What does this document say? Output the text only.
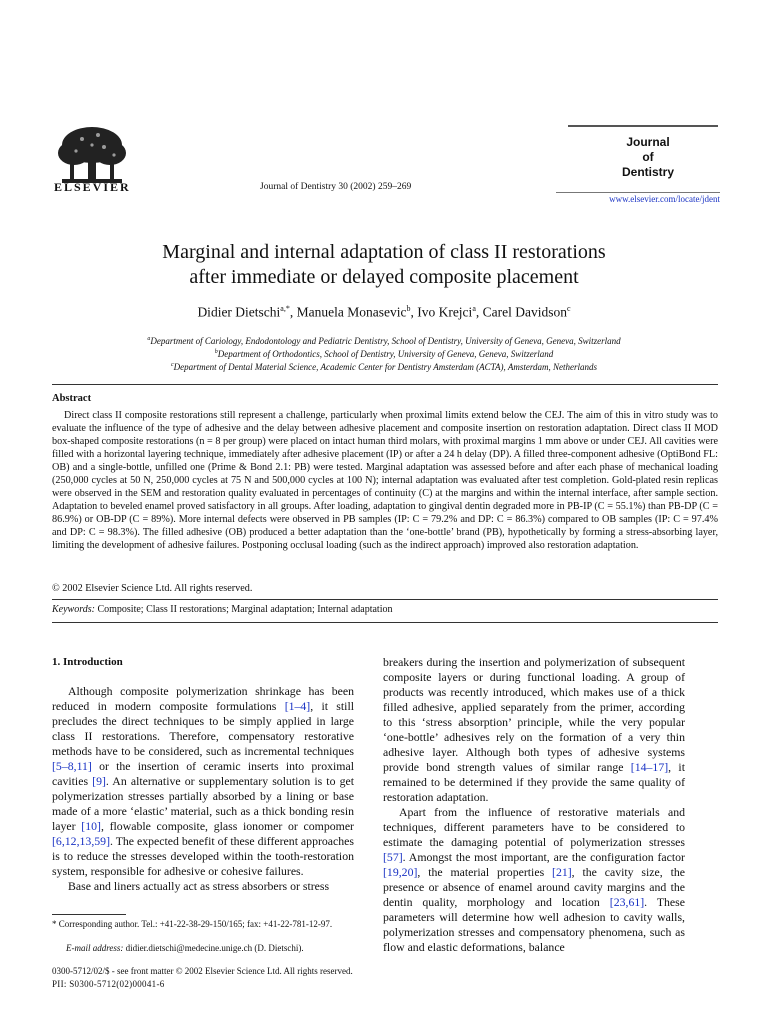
ELSEVIER	Journal of Dentistry 30 (2002) 259–269
Journal
of
Dentistry
www.elsevier.com/locate/jdent
Marginal and internal adaptation of class II restorations
after immediate or delayed composite placement
Didier Dietschi$^{a,*}$, Manuela Monasevic$^b$, Ivo Krejci$^a$, Carel Davidson$^c$
$^a$Department of Cariology, Endodontology and Pediatric Dentistry, School of Dentistry, University of Geneva, Geneva, Switzerland
$^b$Department of Orthodontics, School of Dentistry, University of Geneva, Geneva, Switzerland
$^c$Department of Dental Material Science, Academic Center for Dentistry Amsterdam (ACTA), Amsterdam, Netherlands
Abstract
Direct class II composite restorations still represent a challenge, particularly when proximal limits extend below the CEJ. The aim of this in vitro study was to evaluate the influence of the type of adhesive and the delay between adhesive placement and composite insertion on restoration adaptation. Direct class II MOD box-shaped composite restorations (n = 8 per group) were placed on intact human third molars, with proximal margins 1 mm above or under CEJ. All cavities were filled with a horizontal layering technique, immediately after adhesive placement (IP) or after a 24 h delay (DP). A filled three-component adhesive (OptiBond FL: OB) and a single-bottle, unfilled one (Prime & Bond 2.1: PB) were tested. Marginal adaptation was assessed before and after each phase of mechanical loading (250,000 cycles at 50 N, 250,000 cycles at 75 N and 500,000 cycles at 100 N); internal adaptation was evaluated after test completion. Gold-plated resin replicas were observed in the SEM and restoration quality evaluated in percentages of continuity (C) at the margins and within the internal interface, after sample section. Adaptation to beveled enamel proved satisfactory in all groups. After loading, adaptation to gingival dentin degraded more in PB-IP (C = 55.1%) than PB-DP (C = 86.9%) or OB-DP (C = 89%). More internal defects were observed in PB samples (IP: C = 79.2% and DP: C = 86.3%) compared to OB samples (IP: C = 97.4% and DP: C = 98.3%). The filled adhesive (OB) produced a better adaptation than the ‘one-bottle’ brand (PB), hypothetically by forming a stress-absorbing layer, limiting the development of adhesive failures. Postponing occlusal loading (such as the indirect approach) improved also restoration adaptation.
© 2002 Elsevier Science Ltd. All rights reserved.
Keywords: Composite; Class II restorations; Marginal adaptation; Internal adaptation
1. Introduction

Although composite polymerization shrinkage has been reduced in modern composite formulations [1–4], it still precludes the direct techniques to be simply applied in large class II restorations. Therefore, compensatory restorative methods have to be considered, such as incremental techniques [5–8,11] or the insertion of ceramic inserts into proximal cavities [9]. An alternative or supplementary solution is to get polymerization stresses partially absorbed by a lining or base made of a more ‘elastic’ material, such as a thick bonding resin layer [10], flowable composite, glass ionomer or compomer [6,12,13,59]. The expected benefit of these different approaches is to reduce the stresses developed within the tooth-restoration system, responsible for adhesive or cohesive failures.

Base and liners actually act as stress absorbers or stress

breakers during the insertion and polymerization of subsequent composite layers or during functional loading. A group of products was recently introduced, which makes use of a thick filled adhesive, applied separately from the primer, according to this ‘stress absorption’ principle, while the very popular ‘one-bottle’ adhesives rely on the formation of a very thin adhesive layer. Although both types of adhesive systems provide bond strength values of similar range [14–17], it remained to be determined if they provide the same quality of restoration adaptation.

Apart from the influence of restorative materials and techniques, different parameters have to be considered to estimate the damaging potential of polymerization stresses [57]. Amongst the most important, are the configuration factor [19,20], the material properties [21], the cavity size, the presence or absence of enamel around cavity margins and the dentin quality, morphology and location [23,61]. These parameters will determine how well adhesion to cavity walls, polymerization stresses and compensatory phenomena, such as flow and elastic deformations, balance

* Corresponding author. Tel.: +41-22-38-29-150/165; fax: +41-22-781-12-97.
E-mail address: didier.dietschi@medecine.unige.ch (D. Dietschi).
0300-5712/02/$ - see front matter © 2002 Elsevier Science Ltd. All rights reserved.
PII: S0300-5712(02)00041-6
